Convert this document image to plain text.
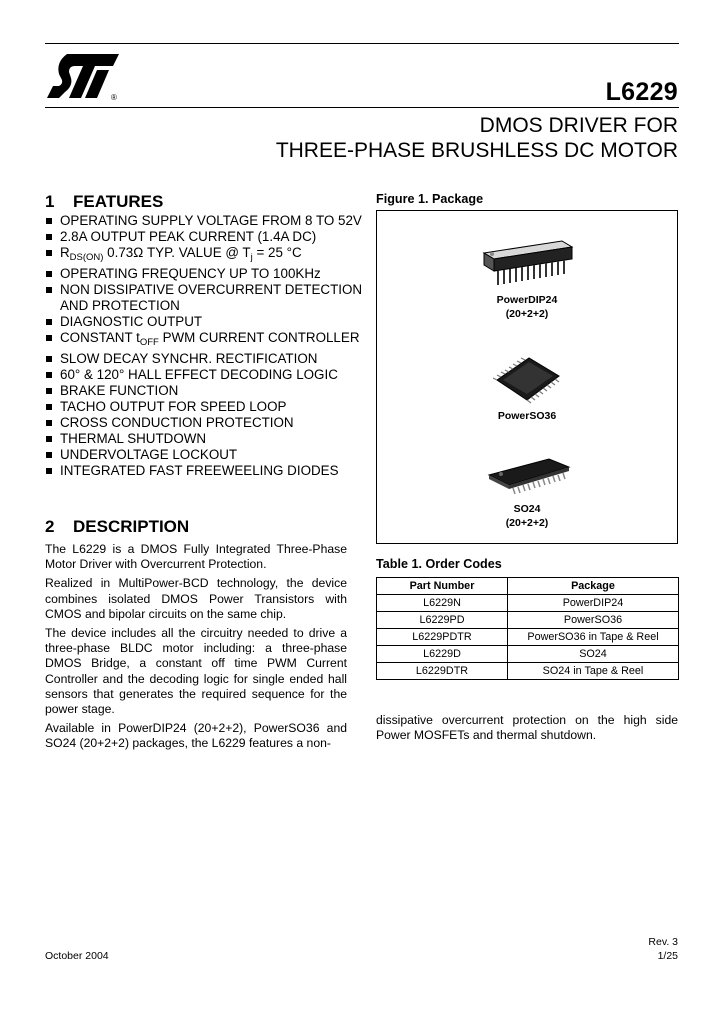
®	L6229
DMOS DRIVER FOR
THREE-PHASE BRUSHLESS DC MOTOR
1 FEATURES
OPERATING SUPPLY VOLTAGE FROM 8 TO 52V
2.8A OUTPUT PEAK CURRENT (1.4A DC)
$R_{DS(ON)}$ 0.73Ω TYP. VALUE @ $T_j = 25$ °C
OPERATING FREQUENCY UP TO 100KHz
NON DISSIPATIVE OVERCURRENT DETECTION AND PROTECTION
DIAGNOSTIC OUTPUT
CONSTANT $t_{OFF}$ PWM CURRENT CONTROLLER
SLOW DECAY SYNCHR. RECTIFICATION
60° & 120° HALL EFFECT DECODING LOGIC
BRAKE FUNCTION
TACHO OUTPUT FOR SPEED LOOP
CROSS CONDUCTION PROTECTION
THERMAL SHUTDOWN
UNDERVOLTAGE LOCKOUT
INTEGRATED FAST FREEWEELING DIODES
2 DESCRIPTION

The L6229 is a DMOS Fully Integrated Three-Phase Motor Driver with Overcurrent Protection.

Realized in MultiPower-BCD technology, the device combines isolated DMOS Power Transistors with CMOS and bipolar circuits on the same chip.

The device includes all the circuitry needed to drive a three-phase BLDC motor including: a three-phase DMOS Bridge, a constant off time PWM Current Controller and the decoding logic for single ended hall sensors that generates the required sequence for the power stage.

Available in PowerDIP24 (20+2+2), PowerSO36 and SO24 (20+2+2) packages, the L6229 features a non-

Figure 1. Package
PowerDIP24
(20+2+2)
PowerSO36
SO24
(20+2+2)
Table 1. Order Codes
Part Number	Package
L6229N	PowerDIP24
L6229PD	PowerSO36
L6229PDTR	PowerSO36 in Tape & Reel
L6229D	SO24
L6229DTR	SO24 in Tape & Reel
dissipative overcurrent protection on the high side Power MOSFETs and thermal shutdown.
October 2004
Rev. 3
1/25
